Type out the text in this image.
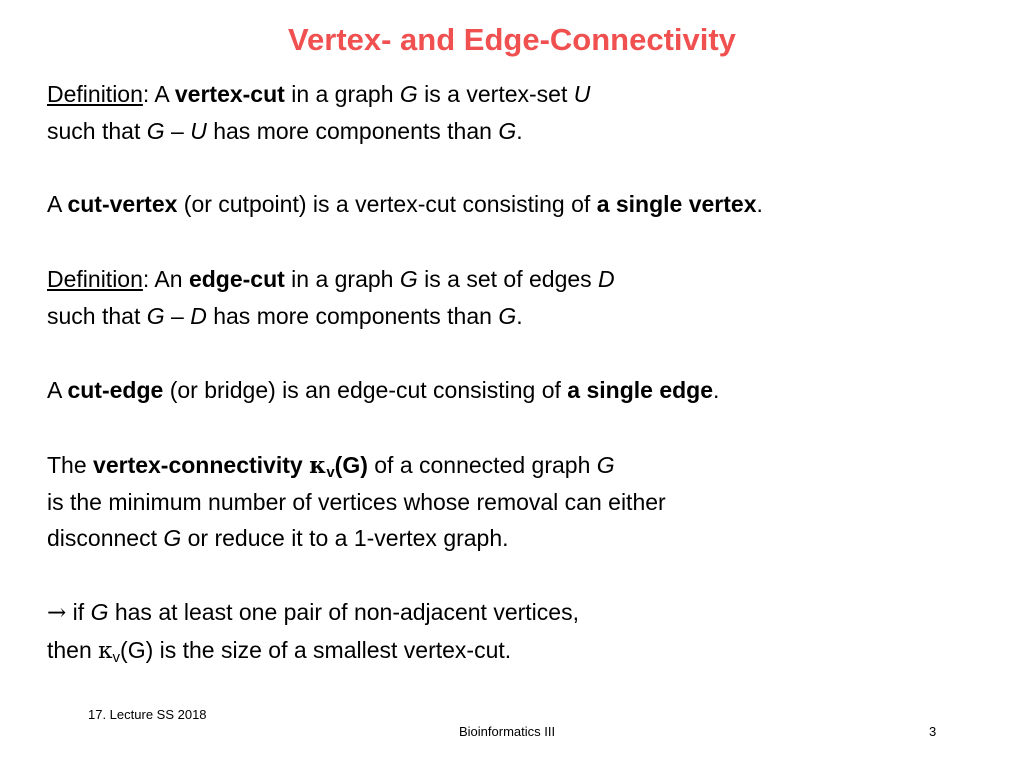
Vertex- and Edge-Connectivity
Definition: A vertex-cut in a graph G is a vertex-set U
such that G – U has more components than G.
A cut-vertex (or cutpoint) is a vertex-cut consisting of a single vertex.
Definition: An edge-cut in a graph G is a set of edges D
such that G – D has more components than G.
A cut-edge (or bridge) is an edge-cut consisting of a single edge.
The vertex-connectivity $\kappa_v(G)$ of a connected graph G
is the minimum number of vertices whose removal can either
disconnect G or reduce it to a 1-vertex graph.
→ if G has at least one pair of non-adjacent vertices,
then $\kappa_v(G)$ is the size of a smallest vertex-cut.
17. Lecture SS 2018
Bioinformatics III	3
